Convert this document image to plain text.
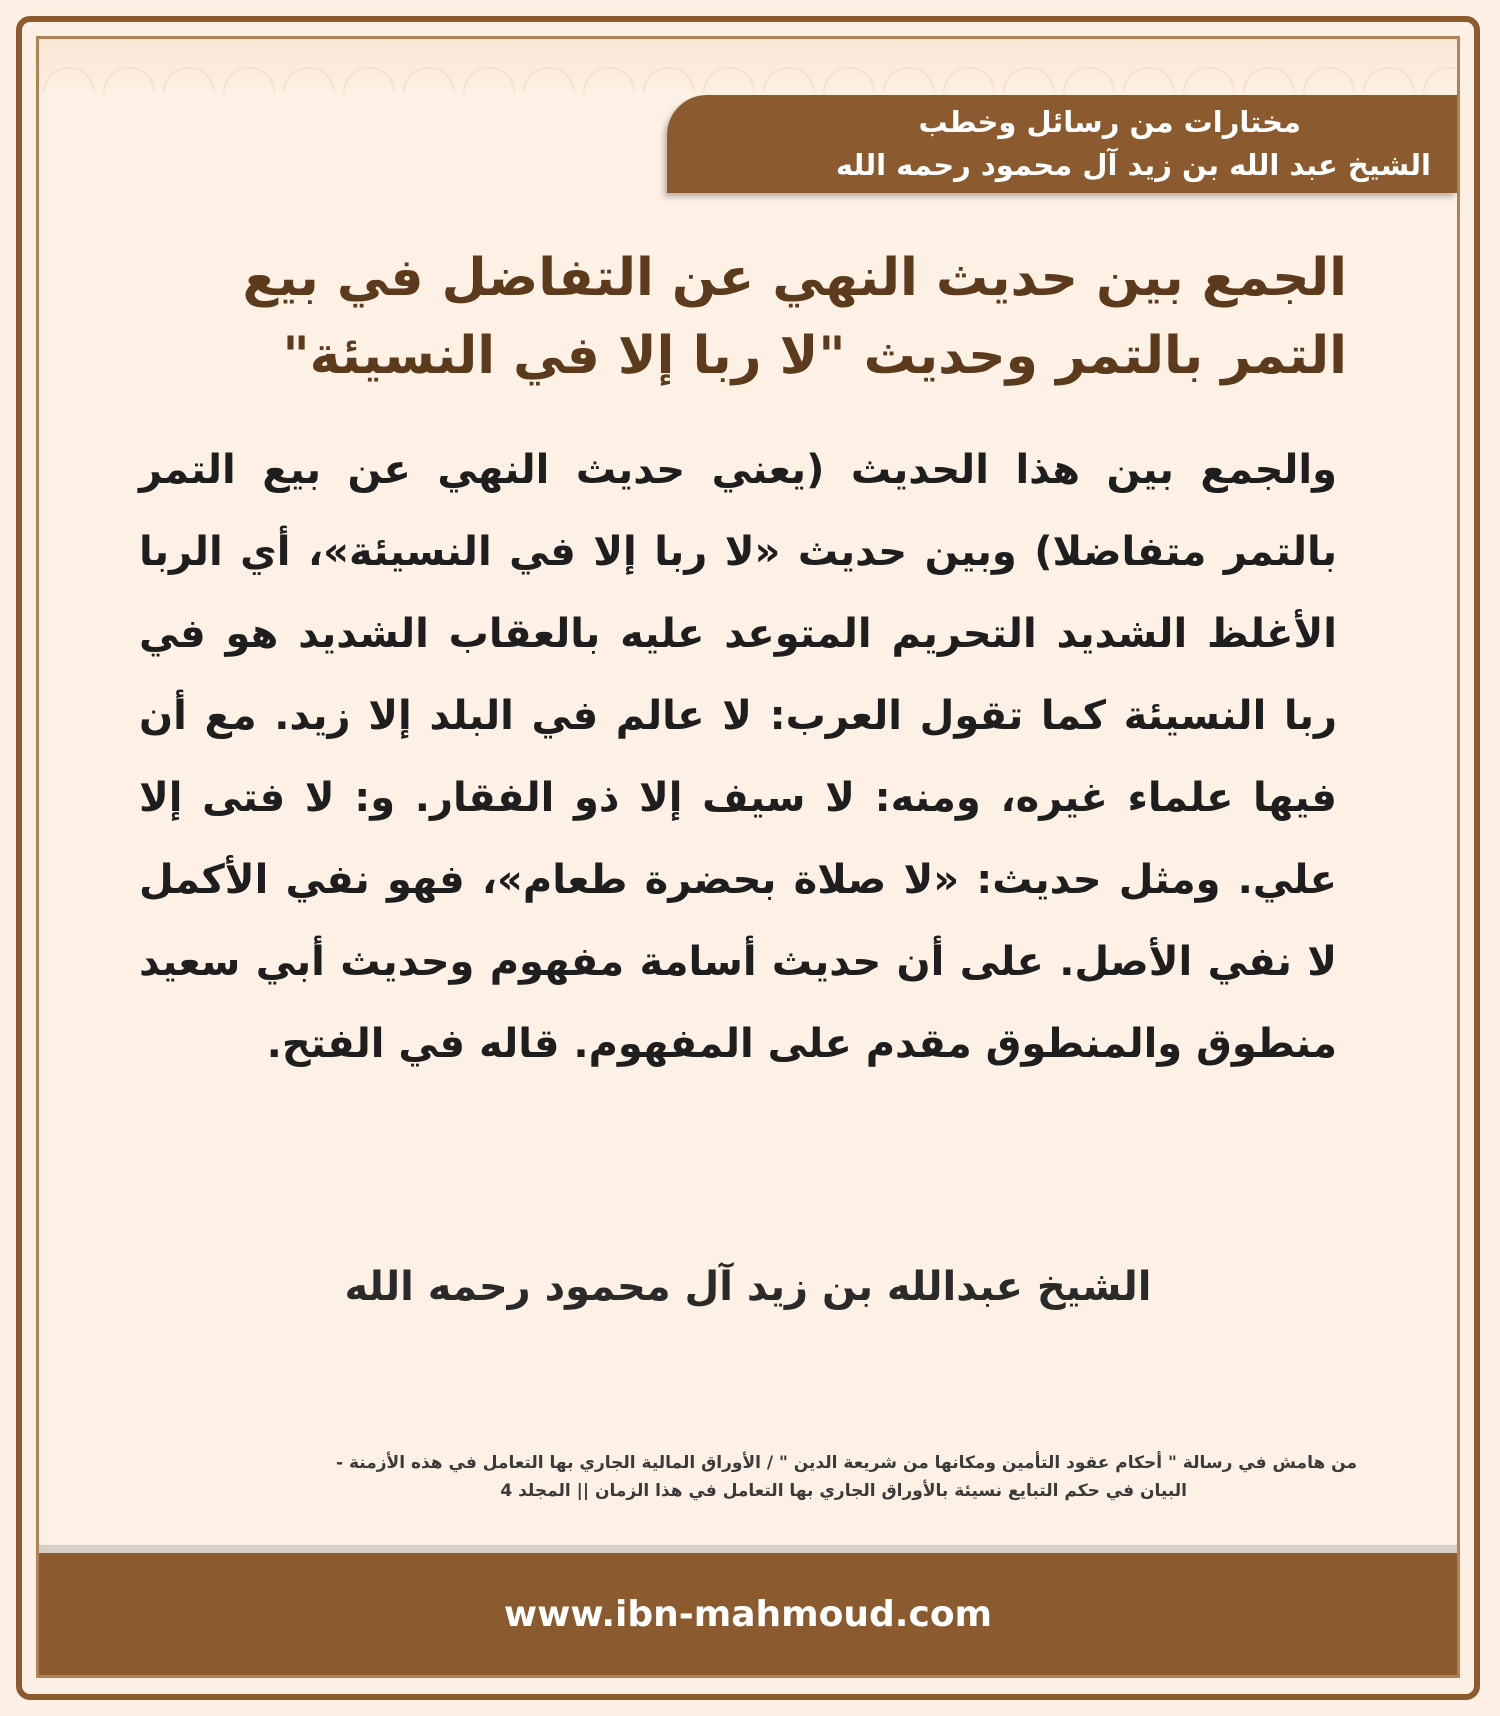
مختارات من رسائل وخطب
الشيخ عبد الله بن زيد آل محمود رحمه الله
الجمع بين حديث النهي عن التفاضل في بيع التمر بالتمر وحديث "لا ربا إلا في النسيئة"
والجمع بين هذا الحديث (يعني حديث النهي عن بيع التمر بالتمر متفاضلا) وبين حديث «لا ربا إلا في النسيئة»، أي الربا الأغلظ الشديد التحريم المتوعد عليه بالعقاب الشديد هو في ربا النسيئة كما تقول العرب: لا عالم في البلد إلا زيد. مع أن فيها علماء غيره، ومنه: لا سيف إلا ذو الفقار. و: لا فتى إلا علي. ومثل حديث: «لا صلاة بحضرة طعام»، فهو نفي الأكمل لا نفي الأصل. على أن حديث أسامة مفهوم وحديث أبي سعيد منطوق والمنطوق مقدم على المفهوم. قاله في الفتح.
الشيخ عبدالله بن زيد آل محمود رحمه الله
من هامش في رسالة " أحكام عقود التأمين ومكانها من شريعة الدين " / الأوراق المالية الجاري بها التعامل في هذه الأزمنة -
البيان في حكم التبايع نسيئة بالأوراق الجاري بها التعامل في هذا الزمان || المجلد 4
www.ibn-mahmoud.com
